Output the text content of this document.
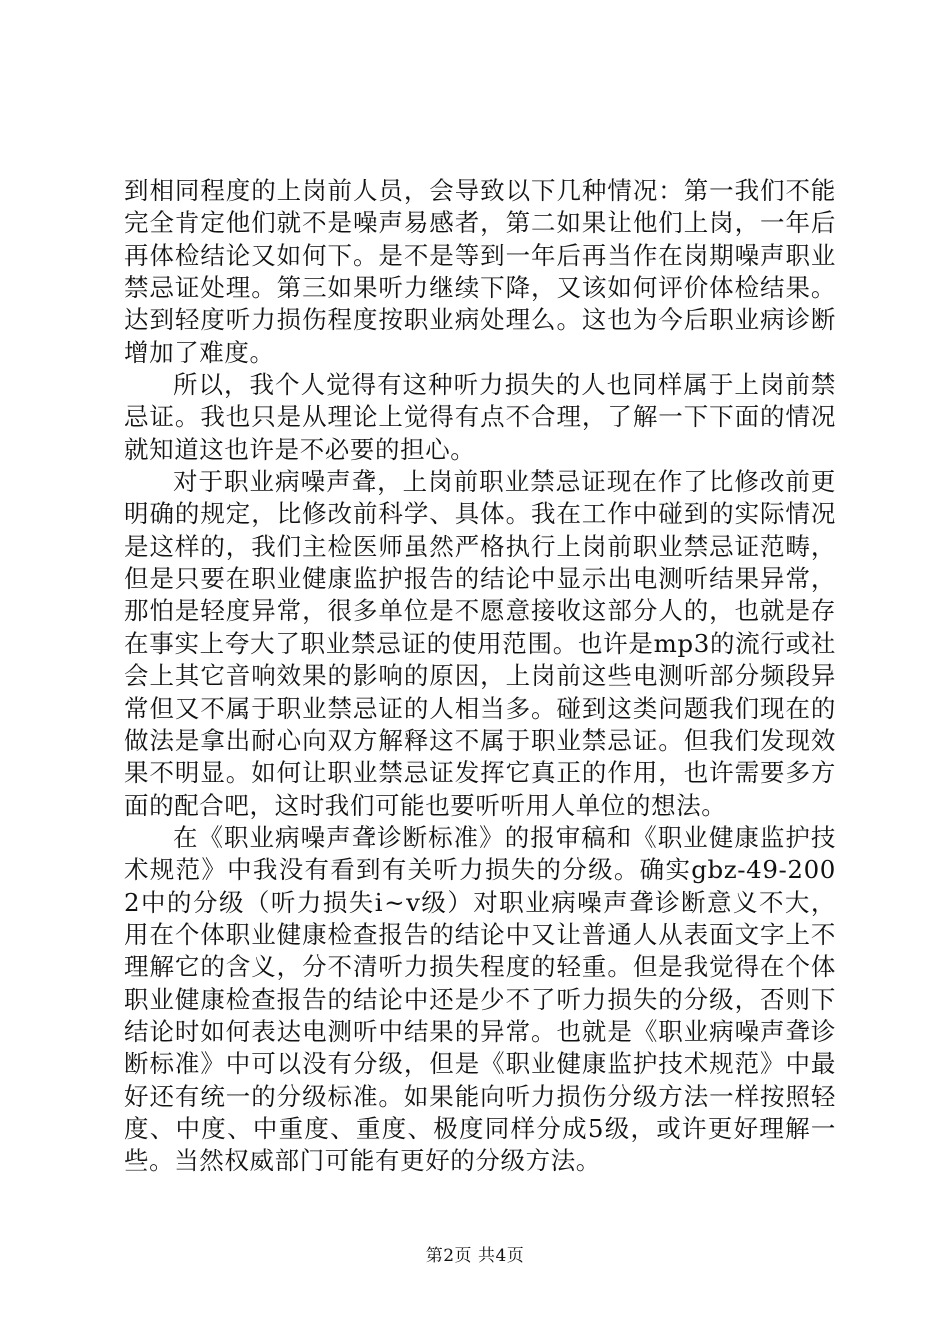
到相同程度的上岗前人员，会导致以下几种情况：第一我们不能完全肯定他们就不是噪声易感者，第二如果让他们上岗，一年后再体检结论又如何下。是不是等到一年后再当作在岗期噪声职业禁忌证处理。第三如果听力继续下降，又该如何评价体检结果。达到轻度听力损伤程度按职业病处理么。这也为今后职业病诊断增加了难度。

所以，我个人觉得有这种听力损失的人也同样属于上岗前禁忌证。我也只是从理论上觉得有点不合理，了解一下下面的情况就知道这也许是不必要的担心。

对于职业病噪声聋，上岗前职业禁忌证现在作了比修改前更明确的规定，比修改前科学、具体。我在工作中碰到的实际情况是这样的，我们主检医师虽然严格执行上岗前职业禁忌证范畴，但是只要在职业健康监护报告的结论中显示出电测听结果异常，那怕是轻度异常，很多单位是不愿意接收这部分人的，也就是存在事实上夸大了职业禁忌证的使用范围。也许是mp3的流行或社会上其它音响效果的影响的原因，上岗前这些电测听部分频段异常但又不属于职业禁忌证的人相当多。碰到这类问题我们现在的做法是拿出耐心向双方解释这不属于职业禁忌证。但我们发现效果不明显。如何让职业禁忌证发挥它真正的作用，也许需要多方面的配合吧，这时我们可能也要听听用人单位的想法。

在《职业病噪声聋诊断标准》的报审稿和《职业健康监护技术规范》中我没有看到有关听力损失的分级。确实gbz-49-2002中的分级（听力损失ⅰ~ⅴ级）对职业病噪声聋诊断意义不大，用在个体职业健康检查报告的结论中又让普通人从表面文字上不理解它的含义，分不清听力损失程度的轻重。但是我觉得在个体职业健康检查报告的结论中还是少不了听力损失的分级，否则下结论时如何表达电测听中结果的异常。也就是《职业病噪声聋诊断标准》中可以没有分级，但是《职业健康监护技术规范》中最好还有统一的分级标准。如果能向听力损伤分级方法一样按照轻度、中度、中重度、重度、极度同样分成5级，或许更好理解一些。当然权威部门可能有更好的分级方法。

第2页 共4页
